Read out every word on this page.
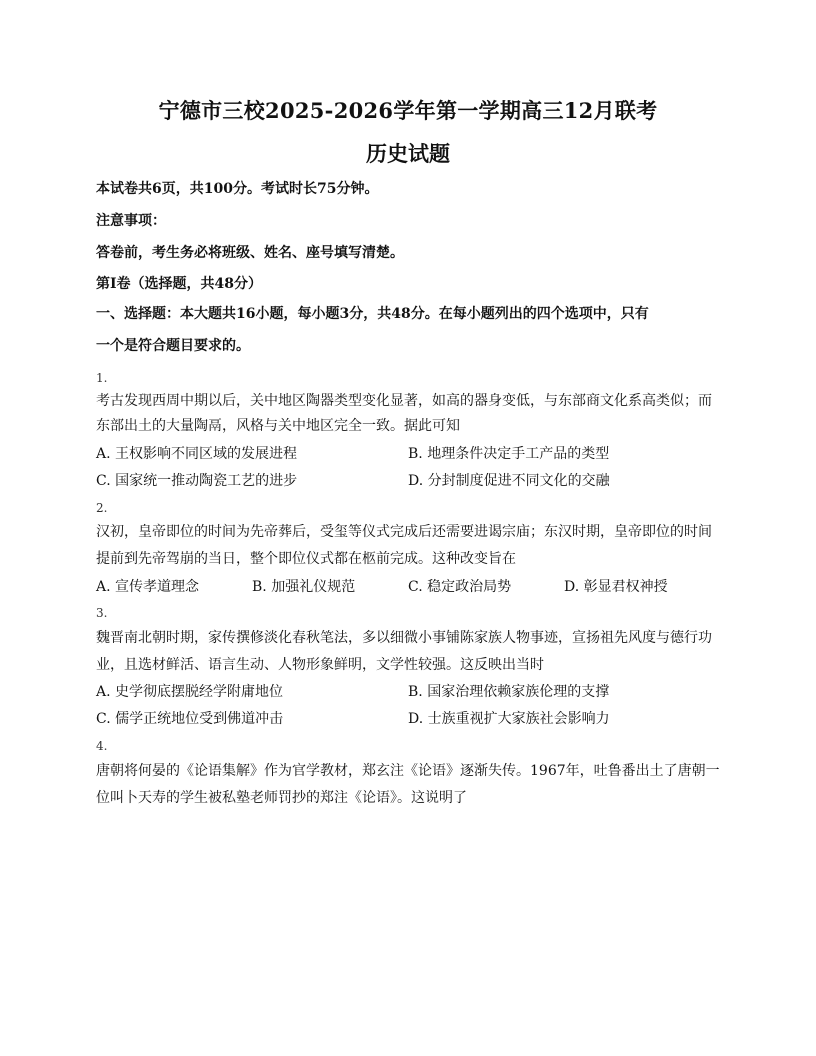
宁德市三校2025-2026学年第一学期高三12月联考
历史试题
本试卷共6页，共100分。考试时长75分钟。
注意事项：
答卷前，考生务必将班级、姓名、座号填写清楚。
第Ⅰ卷（选择题，共48分）
一、选择题：本大题共16小题，每小题3分，共48分。在每小题列出的四个选项中，只有
一个是符合题目要求的。
1.
考古发现西周中期以后，关中地区陶器类型变化显著，如高的器身变低，与东部商文化系高类似；而
东部出土的大量陶鬲，风格与关中地区完全一致。据此可知
A. 王权影响不同区域的发展进程	B. 地理条件决定手工产品的类型
C. 国家统一推动陶瓷工艺的进步	D. 分封制度促进不同文化的交融
2.
汉初，皇帝即位的时间为先帝葬后，受玺等仪式完成后还需要进谒宗庙；东汉时期，皇帝即位的时间
提前到先帝驾崩的当日，整个即位仪式都在柩前完成。这种改变旨在
A. 宣传孝道理念	B. 加强礼仪规范	C. 稳定政治局势	D. 彰显君权神授
3.
魏晋南北朝时期，家传撰修淡化春秋笔法，多以细微小事铺陈家族人物事迹，宣扬祖先风度与德行功
业，且选材鲜活、语言生动、人物形象鲜明，文学性较强。这反映出当时
A. 史学彻底摆脱经学附庸地位	B. 国家治理依赖家族伦理的支撑
C. 儒学正统地位受到佛道冲击	D. 士族重视扩大家族社会影响力
4.
唐朝将何晏的《论语集解》作为官学教材，郑玄注《论语》逐渐失传。1967年，吐鲁番出土了唐朝一
位叫卜天寿的学生被私塾老师罚抄的郑注《论语》。这说明了
